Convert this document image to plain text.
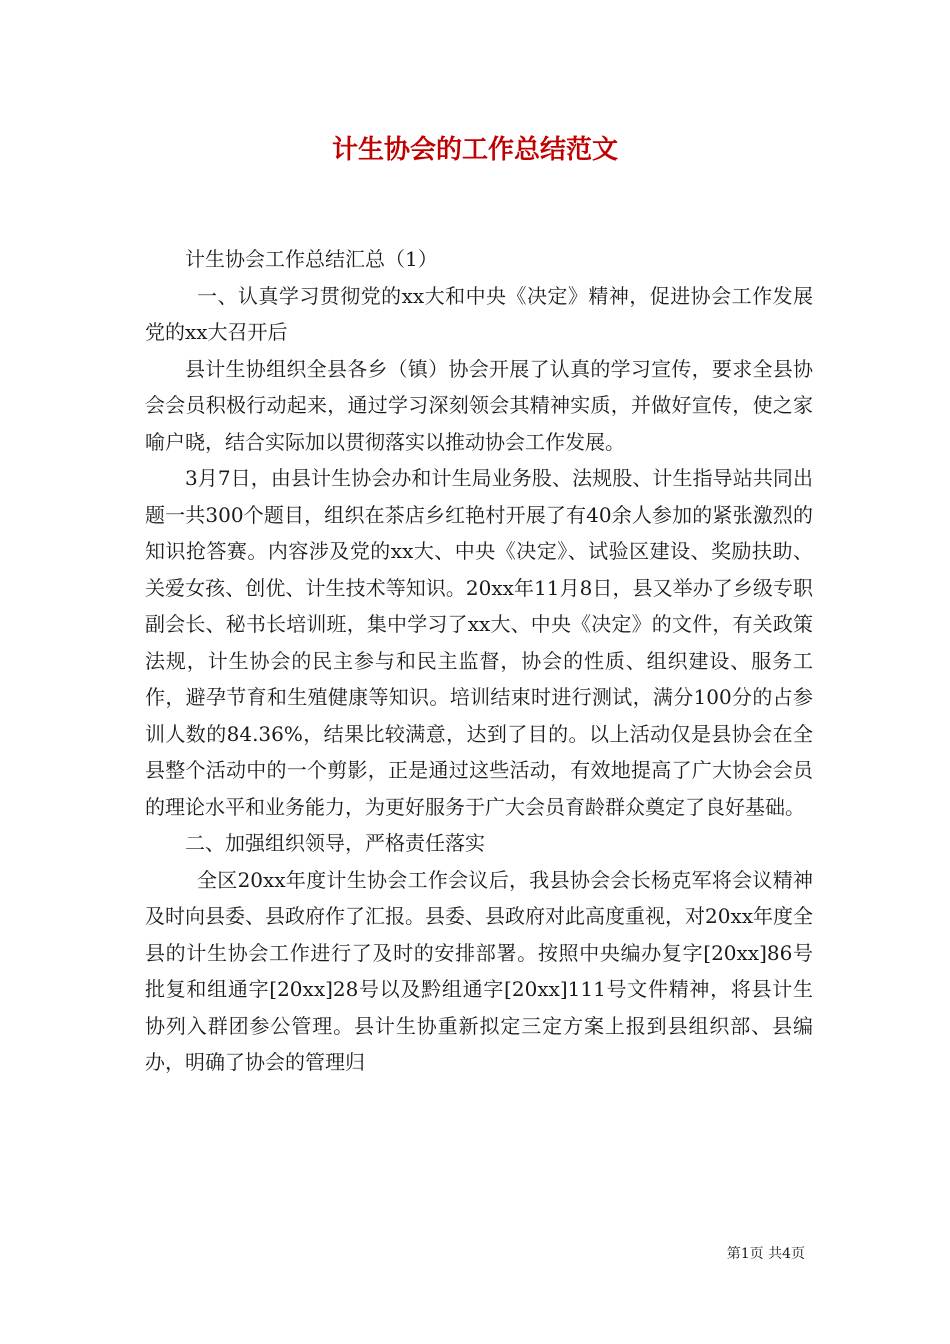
计生协会的工作总结范文

计生协会工作总结汇总（1）

一、认真学习贯彻党的xx大和中央《决定》精神，促进协会工作发展党的xx大召开后

县计生协组织全县各乡（镇）协会开展了认真的学习宣传，要求全县协会会员积极行动起来，通过学习深刻领会其精神实质，并做好宣传，使之家喻户晓，结合实际加以贯彻落实以推动协会工作发展。

3月7日，由县计生协会办和计生局业务股、法规股、计生指导站共同出题一共300个题目，组织在茶店乡红艳村开展了有40余人参加的紧张激烈的知识抢答赛。内容涉及党的xx大、中央《决定》、试验区建设、奖励扶助、关爱女孩、创优、计生技术等知识。20xx年11月8日，县又举办了乡级专职副会长、秘书长培训班，集中学习了xx大、中央《决定》的文件，有关政策法规，计生协会的民主参与和民主监督，协会的性质、组织建设、服务工作，避孕节育和生殖健康等知识。培训结束时进行测试，满分100分的占参训人数的84.36%，结果比较满意，达到了目的。以上活动仅是县协会在全县整个活动中的一个剪影，正是通过这些活动，有效地提高了广大协会会员的理论水平和业务能力，为更好服务于广大会员育龄群众奠定了良好基础。

二、加强组织领导，严格责任落实

全区20xx年度计生协会工作会议后，我县协会会长杨克军将会议精神及时向县委、县政府作了汇报。县委、县政府对此高度重视，对20xx年度全县的计生协会工作进行了及时的安排部署。按照中央编办复字[20xx]86号批复和组通字[20xx]28号以及黔组通字[20xx]111号文件精神，将县计生协列入群团参公管理。县计生协重新拟定三定方案上报到县组织部、县编办，明确了协会的管理归

第1页 共4页
